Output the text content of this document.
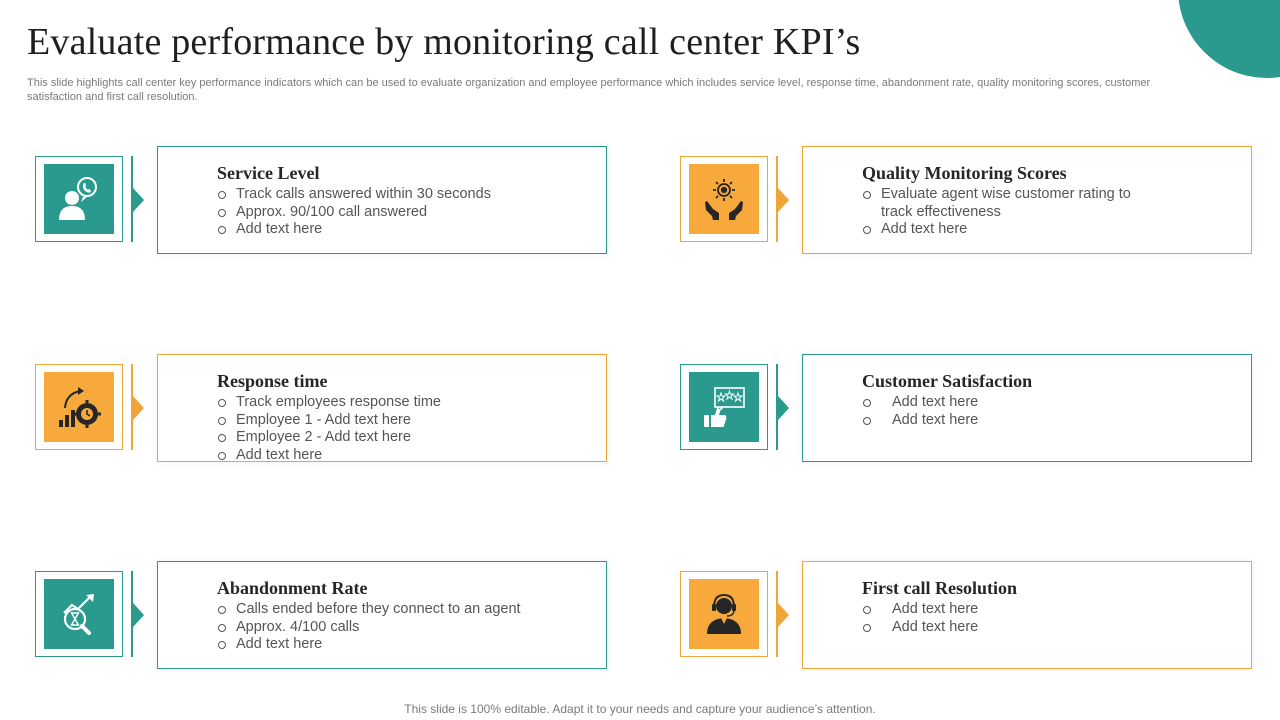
Evaluate performance by monitoring call center KPI’s

This slide highlights call center key performance indicators which can be used to evaluate organization and employee performance which includes service level, response time, abandonment rate, quality monitoring scores, customer satisfaction and first call resolution.

Service Level
Track calls answered within 30 seconds
Approx. 90/100 call answered
Add text here
Quality Monitoring Scores
Evaluate agent wise customer rating to track effectiveness
Add text here
Response time
Track employees response time
Employee 1 - Add text here
Employee 2 - Add text here
Add text here
Customer Satisfaction
Add text here
Add text here
Abandonment Rate
Calls ended before they connect to an agent
Approx. 4/100 calls
Add text here
First call Resolution
Add text here
Add text here
This slide is 100% editable. Adapt it to your needs and capture your audience’s attention.
